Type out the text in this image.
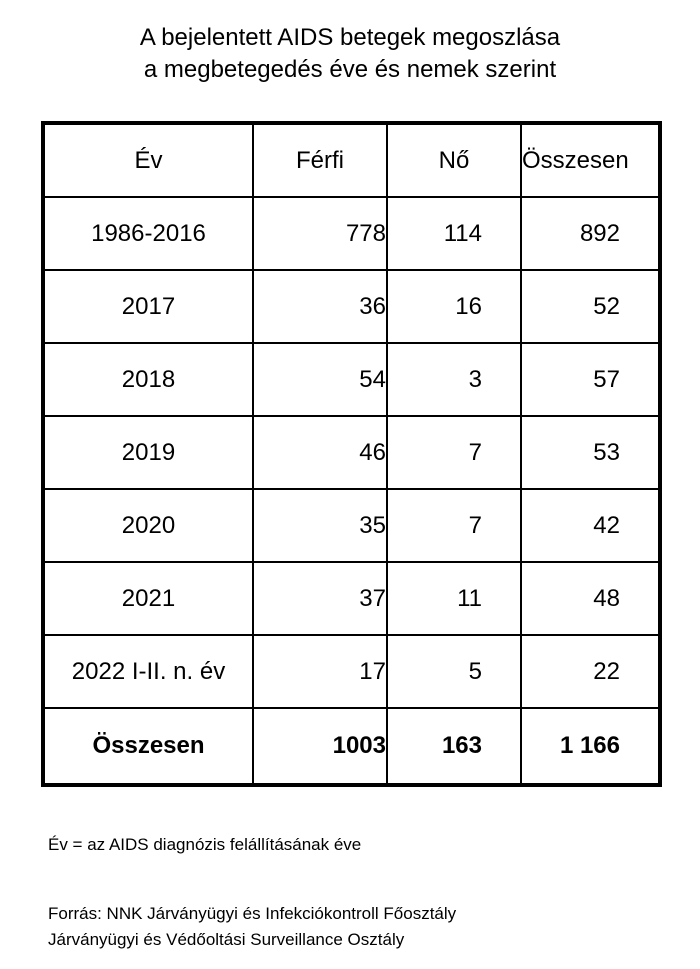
A bejelentett AIDS betegek megoszlása
a megbetegedés éve és nemek szerint
Év	Férfi	Nő	Összesen
1986-2016	778	114	892
2017	36	16	52
2018	54	3	57
2019	46	7	53
2020	35	7	42
2021	37	11	48
2022 I-II. n. év	17	5	22
Összesen	1003	163	1 166
Év = az AIDS diagnózis felállításának éve
Forrás: NNK Járványügyi és Infekciókontroll Főosztály
Járványügyi és Védőoltási Surveillance Osztály
